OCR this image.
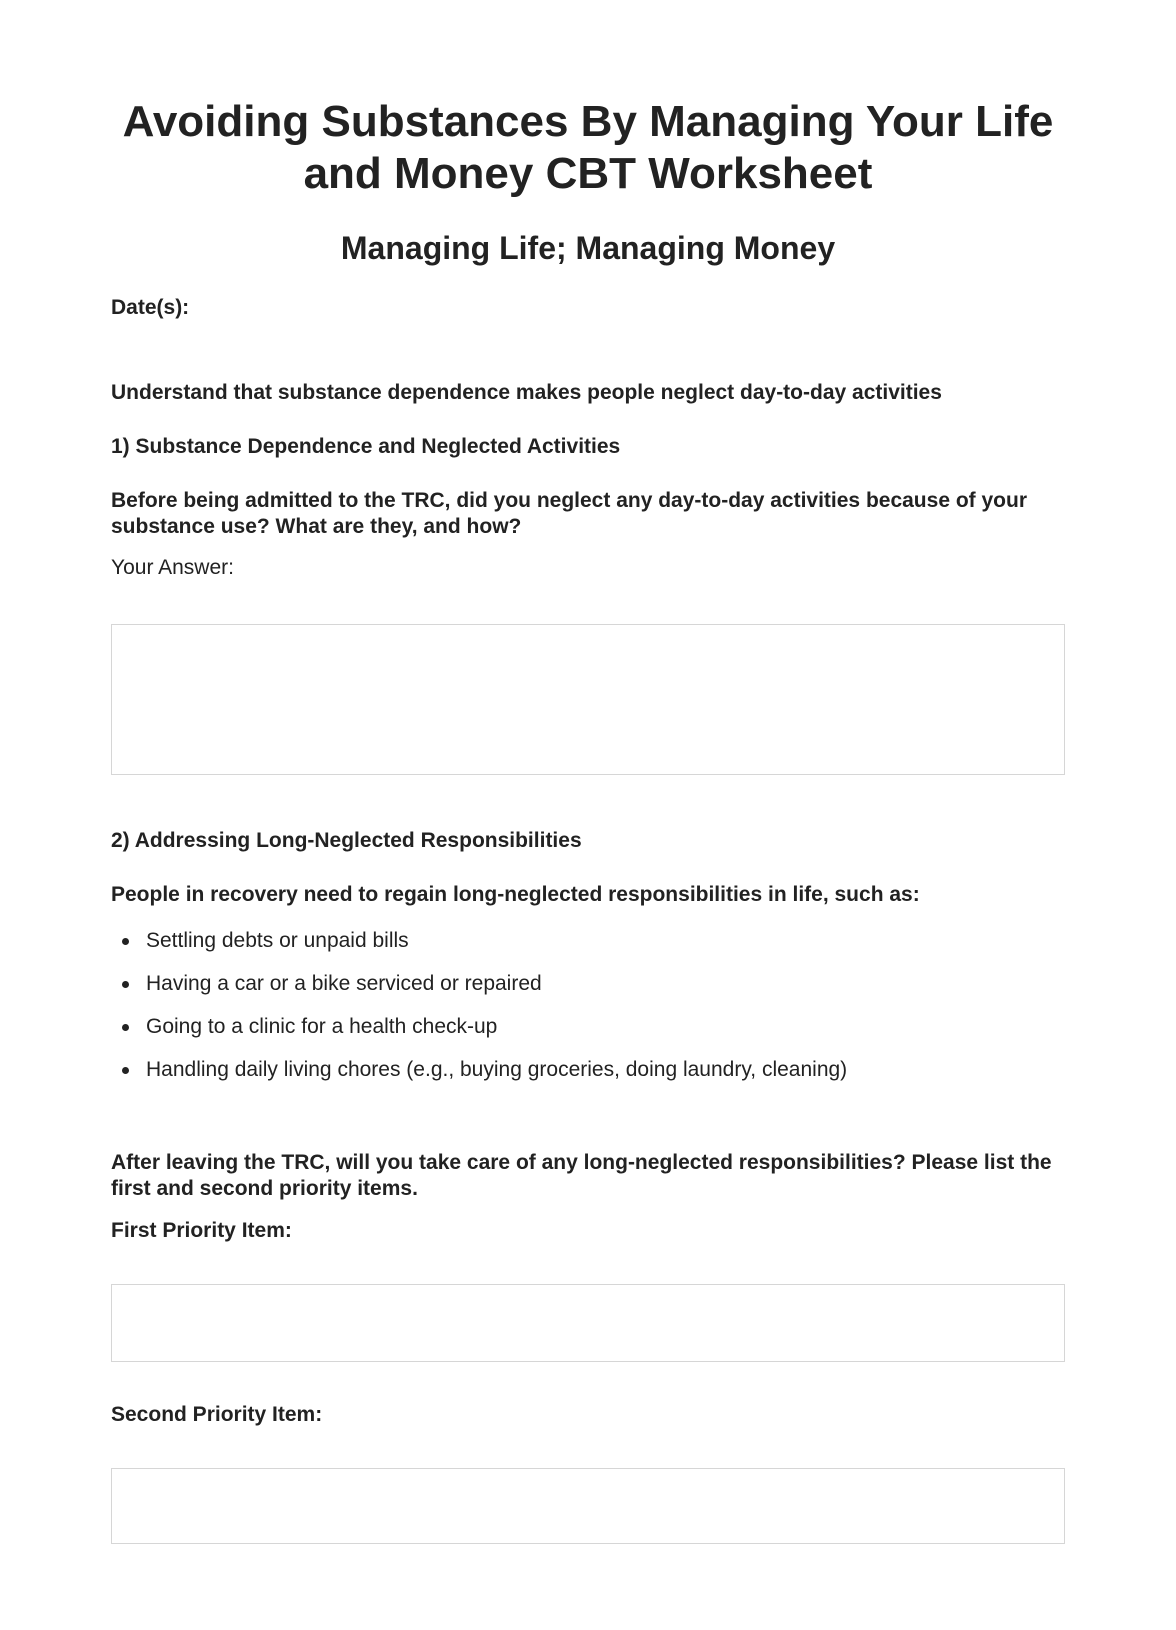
Avoiding Substances By Managing Your Life and Money CBT Worksheet
Managing Life; Managing Money

Date(s):

Understand that substance dependence makes people neglect day-to-day activities

1) Substance Dependence and Neglected Activities

Before being admitted to the TRC, did you neglect any day-to-day activities because of your substance use? What are they, and how?

Your Answer:

2) Addressing Long-Neglected Responsibilities

People in recovery need to regain long-neglected responsibilities in life, such as:

Settling debts or unpaid bills
Having a car or a bike serviced or repaired
Going to a clinic for a health check-up
Handling daily living chores (e.g., buying groceries, doing laundry, cleaning)

After leaving the TRC, will you take care of any long-neglected responsibilities? Please list the first and second priority items.

First Priority Item:

Second Priority Item:
